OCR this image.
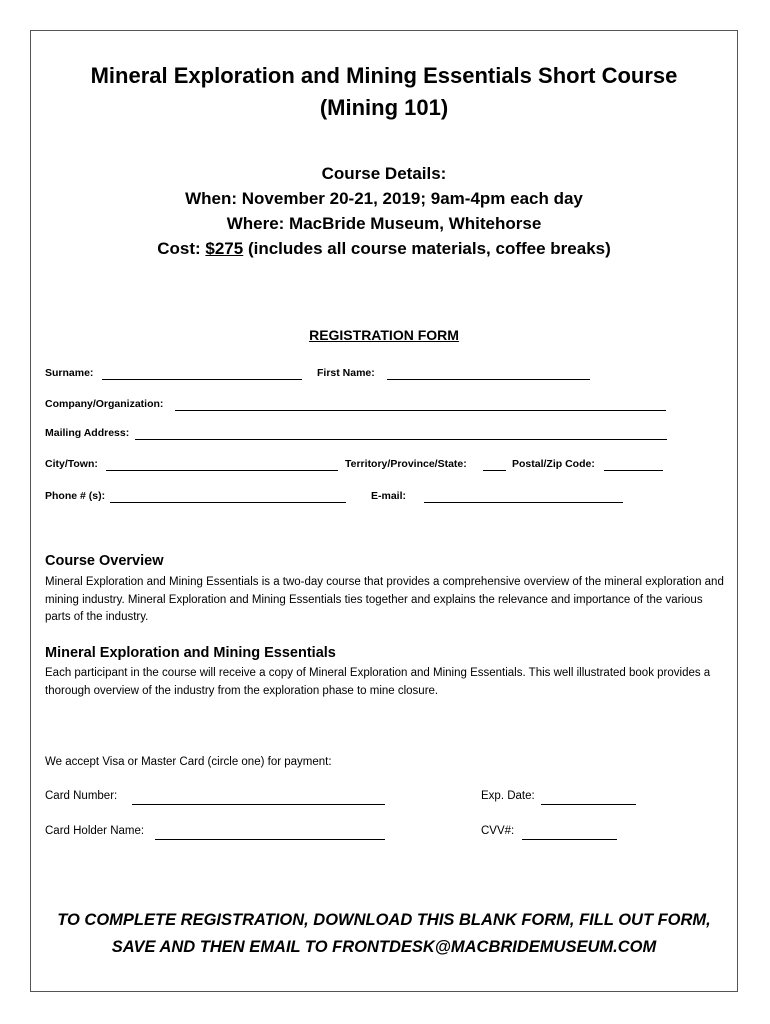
Mineral Exploration and Mining Essentials Short Course
(Mining 101)
Course Details:
When: November 20-21, 2019; 9am-4pm each day
Where: MacBride Museum, Whitehorse
Cost: $275 (includes all course materials, coffee breaks)
REGISTRATION FORM
Surname:	First Name:
Company/Organization:
Mailing Address:
City/Town:	Territory/Province/State:	Postal/Zip Code:
Phone # (s):	E-mail:
Course Overview
Mineral Exploration and Mining Essentials is a two-day course that provides a comprehensive overview of the mineral exploration and mining industry. Mineral Exploration and Mining Essentials ties together and explains the relevance and importance of the various parts of the industry.
Mineral Exploration and Mining Essentials
Each participant in the course will receive a copy of Mineral Exploration and Mining Essentials. This well illustrated book provides a thorough overview of the industry from the exploration phase to mine closure.
We accept Visa or Master Card (circle one) for payment:
Card Number:	Exp. Date:
Card Holder Name:	CVV#:
TO COMPLETE REGISTRATION, DOWNLOAD THIS BLANK FORM, FILL OUT FORM,
SAVE AND THEN EMAIL TO FRONTDESK@MACBRIDEMUSEUM.COM
